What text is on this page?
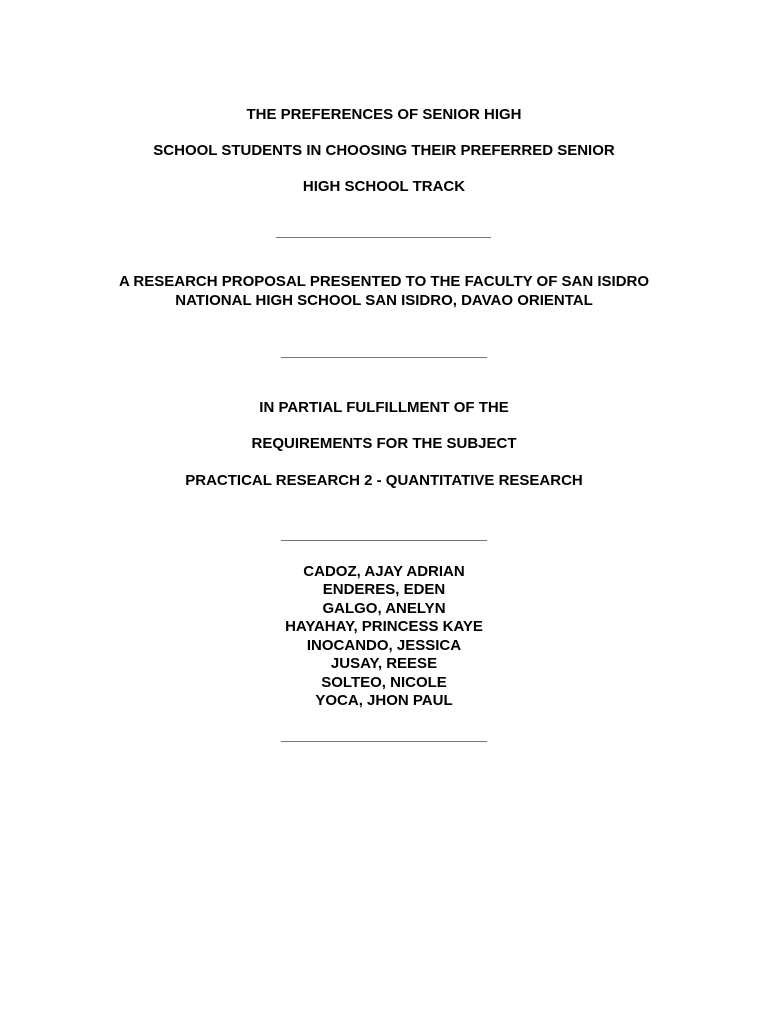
THE PREFERENCES OF SENIOR HIGH
SCHOOL STUDENTS IN CHOOSING THEIR PREFERRED SENIOR
HIGH SCHOOL TRACK
A RESEARCH PROPOSAL PRESENTED TO THE FACULTY OF SAN ISIDRO
NATIONAL HIGH SCHOOL SAN ISIDRO, DAVAO ORIENTAL
IN PARTIAL FULFILLMENT OF THE
REQUIREMENTS FOR THE SUBJECT
PRACTICAL RESEARCH 2 - QUANTITATIVE RESEARCH
CADOZ, AJAY ADRIAN
ENDERES, EDEN
GALGO, ANELYN
HAYAHAY, PRINCESS KAYE
INOCANDO, JESSICA
JUSAY, REESE
SOLTEO, NICOLE
YOCA, JHON PAUL
